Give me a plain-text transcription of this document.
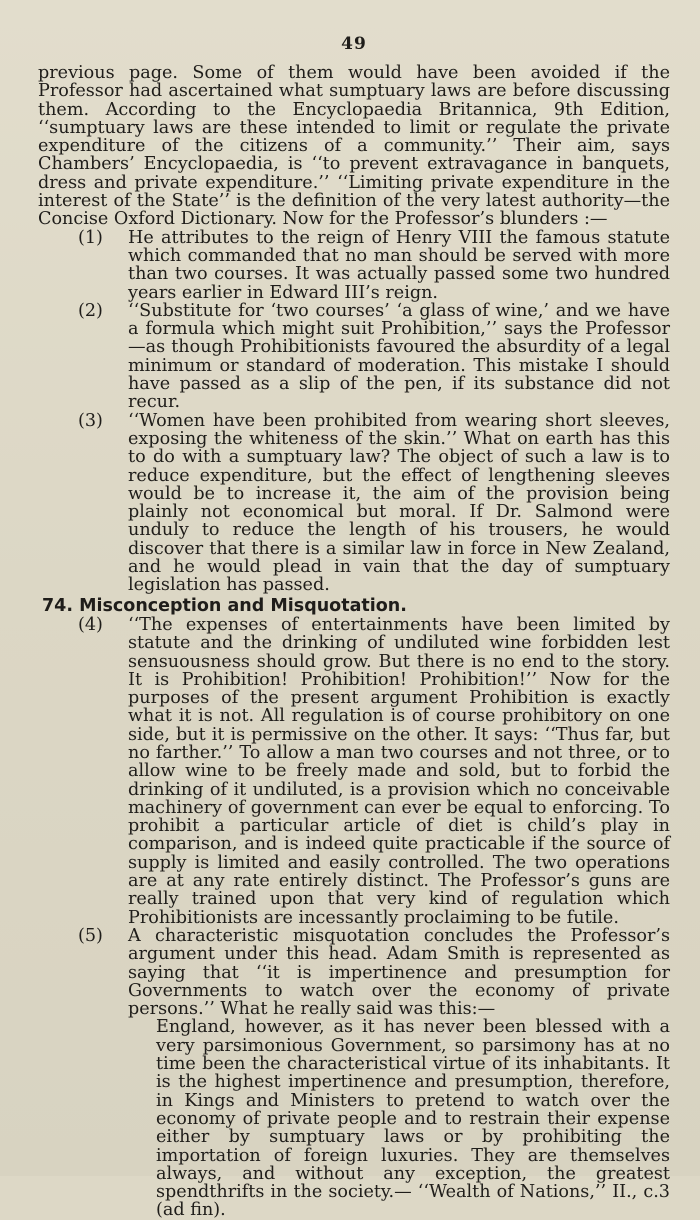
49

previous page. Some of them would have been avoided if the Professor had ascertained what sumptuary laws are before discussing them. According to the Encyclopaedia Britannica, 9th Edition, ‘‘sumptuary laws are these intended to limit or regulate the private expenditure of the citizens of a community.’’ Their aim, says Chambers’ Encyclopaedia, is ‘‘to prevent extravagance in banquets, dress and private expenditure.’’ ‘‘Limiting private expenditure in the interest of the State’’ is the definition of the very latest authority—the Concise Oxford Dictionary. Now for the Professor’s blunders :—

(1) He attributes to the reign of Henry VIII the famous statute which commanded that no man should be served with more than two courses. It was actually passed some two hundred years earlier in Edward III’s reign.
(2) ‘‘Substitute for ‘two courses’ ‘a glass of wine,’ and we have a formula which might suit Prohibition,’’ says the Professor—as though Prohibitionists favoured the absurdity of a legal minimum or standard of moderation. This mistake I should have passed as a slip of the pen, if its substance did not recur.
(3) ‘‘Women have been prohibited from wearing short sleeves, exposing the whiteness of the skin.’’ What on earth has this to do with a sumptuary law? The object of such a law is to reduce expenditure, but the effect of lengthening sleeves would be to increase it, the aim of the provision being plainly not economical but moral. If Dr. Salmond were unduly to reduce the length of his trousers, he would discover that there is a similar law in force in New Zealand, and he would plead in vain that the day of sumptuary legislation has passed.
74. Misconception and Misquotation.
(4) ‘‘The expenses of entertainments have been limited by statute and the drinking of undiluted wine forbidden lest sensuousness should grow. But there is no end to the story. It is Prohibition! Prohibition! Prohibition!’’ Now for the purposes of the present argument Prohibition is exactly what it is not. All regulation is of course prohibitory on one side, but it is permissive on the other. It says: ‘‘Thus far, but no farther.’’ To allow a man two courses and not three, or to allow wine to be freely made and sold, but to forbid the drinking of it undiluted, is a provision which no conceivable machinery of government can ever be equal to enforcing. To prohibit a particular article of diet is child’s play in comparison, and is indeed quite practicable if the source of supply is limited and easily controlled. The two operations are at any rate entirely distinct. The Professor’s guns are really trained upon that very kind of regulation which Prohibitionists are incessantly proclaiming to be futile.
(5) A characteristic misquotation concludes the Professor’s argument under this head. Adam Smith is represented as saying that ‘‘it is impertinence and presumption for Governments to watch over the economy of private persons.’’ What he really said was this:—

England, however, as it has never been blessed with a very parsimonious Government, so parsimony has at no time been the characteristical virtue of its inhabitants. It is the highest impertinence and presumption, therefore, in Kings and Ministers to pretend to watch over the economy of private people and to restrain their expense either by sumptuary laws or by prohibiting the importation of foreign luxuries. They are themselves always, and without any exception, the greatest spendthrifts in the society.— ‘‘Wealth of Nations,’’ II., c.3 (ad fin).
